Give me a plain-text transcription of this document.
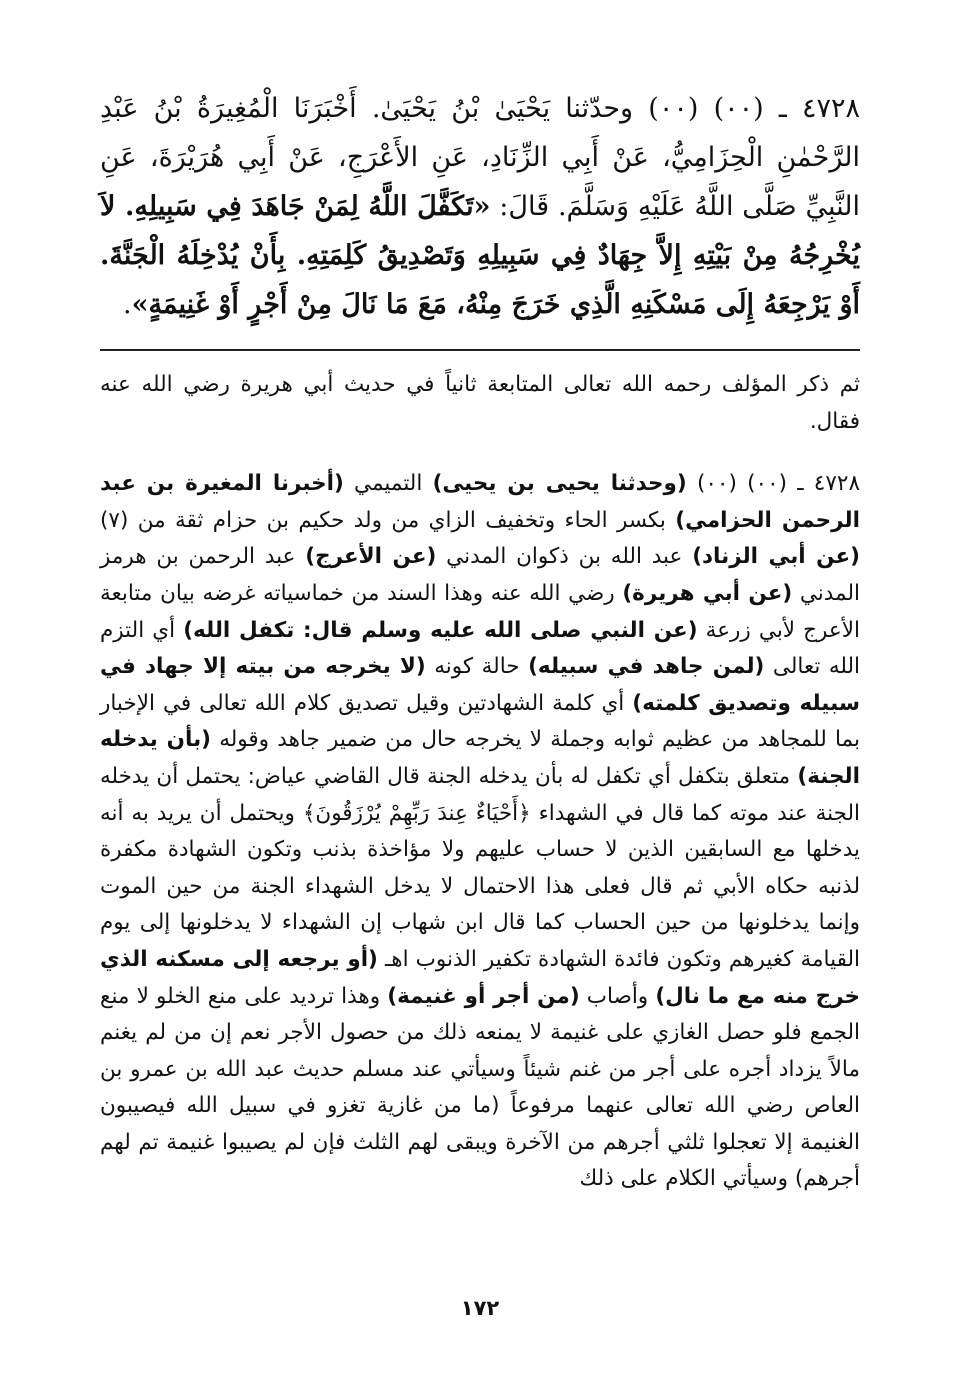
٤٧٢٨ ـ (٠٠) (٠٠) وحدّثنا يَحْيَىٰ بْنُ يَحْيَىٰ. أَخْبَرَنَا الْمُغِيرَةُ بْنُ عَبْدِ الرَّحْمٰنِ الْحِزَامِيُّ، عَنْ أَبِي الزِّنَادِ، عَنِ الأَعْرَجِ، عَنْ أَبِي هُرَيْرَةَ، عَنِ النَّبِيِّ صَلَّى اللَّهُ عَلَيْهِ وَسَلَّمَ. قَالَ: «تَكَفَّلَ اللَّهُ لِمَنْ جَاهَدَ فِي سَبِيلِهِ. لاَ يُخْرِجُهُ مِنْ بَيْتِهِ إِلاَّ جِهَادٌ فِي سَبِيلِهِ وَتَصْدِيقُ كَلِمَتِهِ. بِأَنْ يُدْخِلَهُ الْجَنَّةَ. أَوْ يَرْجِعَهُ إِلَى مَسْكَنِهِ الَّذِي خَرَجَ مِنْهُ، مَعَ مَا نَالَ مِنْ أَجْرٍ أَوْ غَنِيمَةٍ».

ثم ذكر المؤلف رحمه الله تعالى المتابعة ثانياً في حديث أبي هريرة رضي الله عنه فقال.

٤٧٢٨ ـ (٠٠) (٠٠) (وحدثنا يحيى بن يحيى) التميمي (أخبرنا المغيرة بن عبد الرحمن الحزامي) بكسر الحاء وتخفيف الزاي من ولد حكيم بن حزام ثقة من (٧) (عن أبي الزناد) عبد الله بن ذكوان المدني (عن الأعرج) عبد الرحمن بن هرمز المدني (عن أبي هريرة) رضي الله عنه وهذا السند من خماسياته غرضه بيان متابعة الأعرج لأبي زرعة (عن النبي صلى الله عليه وسلم قال: تكفل الله) أي التزم الله تعالى (لمن جاهد في سبيله) حالة كونه (لا يخرجه من بيته إلا جهاد في سبيله وتصديق كلمته) أي كلمة الشهادتين وقيل تصديق كلام الله تعالى في الإخبار بما للمجاهد من عظيم ثوابه وجملة لا يخرجه حال من ضمير جاهد وقوله (بأن يدخله الجنة) متعلق بتكفل أي تكفل له بأن يدخله الجنة قال القاضي عياض: يحتمل أن يدخله الجنة عند موته كما قال في الشهداء ﴿أَحْيَاءٌ عِندَ رَبِّهِمْ يُرْزَقُونَ﴾ ويحتمل أن يريد به أنه يدخلها مع السابقين الذين لا حساب عليهم ولا مؤاخذة بذنب وتكون الشهادة مكفرة لذنبه حكاه الأبي ثم قال فعلى هذا الاحتمال لا يدخل الشهداء الجنة من حين الموت وإنما يدخلونها من حين الحساب كما قال ابن شهاب إن الشهداء لا يدخلونها إلى يوم القيامة كغيرهم وتكون فائدة الشهادة تكفير الذنوب اهـ (أو يرجعه إلى مسكنه الذي خرج منه مع ما نال) وأصاب (من أجر أو غنيمة) وهذا ترديد على منع الخلو لا منع الجمع فلو حصل الغازي على غنيمة لا يمنعه ذلك من حصول الأجر نعم إن من لم يغنم مالاً يزداد أجره على أجر من غنم شيئاً وسيأتي عند مسلم حديث عبد الله بن عمرو بن العاص رضي الله تعالى عنهما مرفوعاً (ما من غازية تغزو في سبيل الله فيصيبون الغنيمة إلا تعجلوا ثلثي أجرهم من الآخرة ويبقى لهم الثلث فإن لم يصيبوا غنيمة تم لهم أجرهم) وسيأتي الكلام على ذلك

١٧٢
